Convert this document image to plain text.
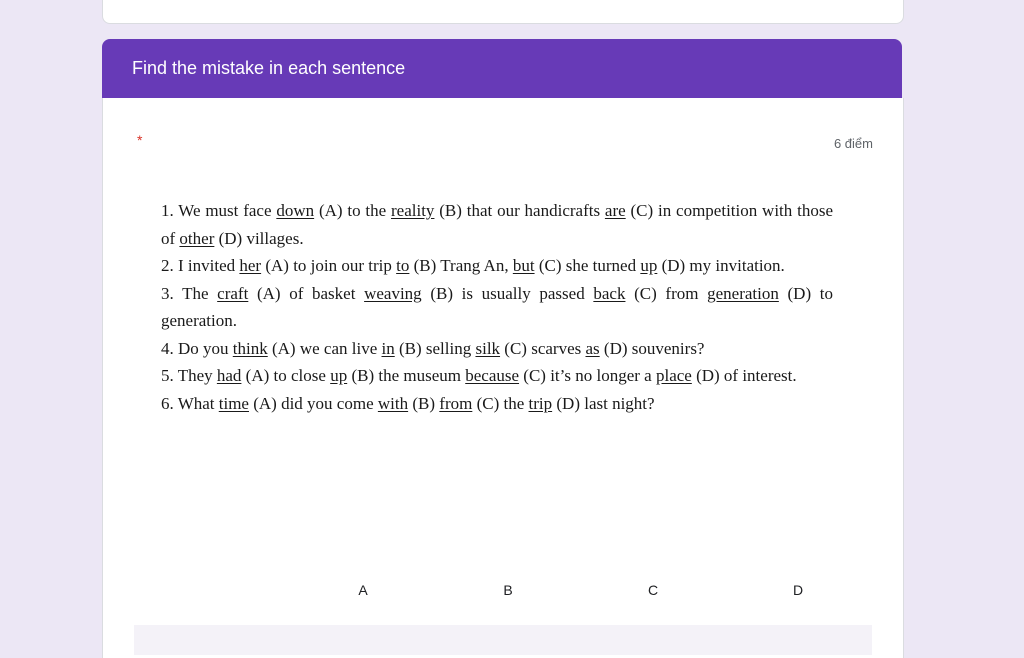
Find the mistake in each sentence
*	6 điểm

1. We must face down (A) to the reality (B) that our handicrafts are (C) in competition with those of other (D) villages.

2. I invited her (A) to join our trip to (B) Trang An, but (C) she turned up (D) my invitation.

3. The craft (A) of basket weaving (B) is usually passed back (C) from generation (D) to generation.

4. Do you think (A) we can live in (B) selling silk (C) scarves as (D) souvenirs?

5. They had (A) to close up (B) the museum because (C) it’s no longer a place (D) of interest.

6. What time (A) did you come with (B) from (C) the trip (D) last night?

A	B	C	D
